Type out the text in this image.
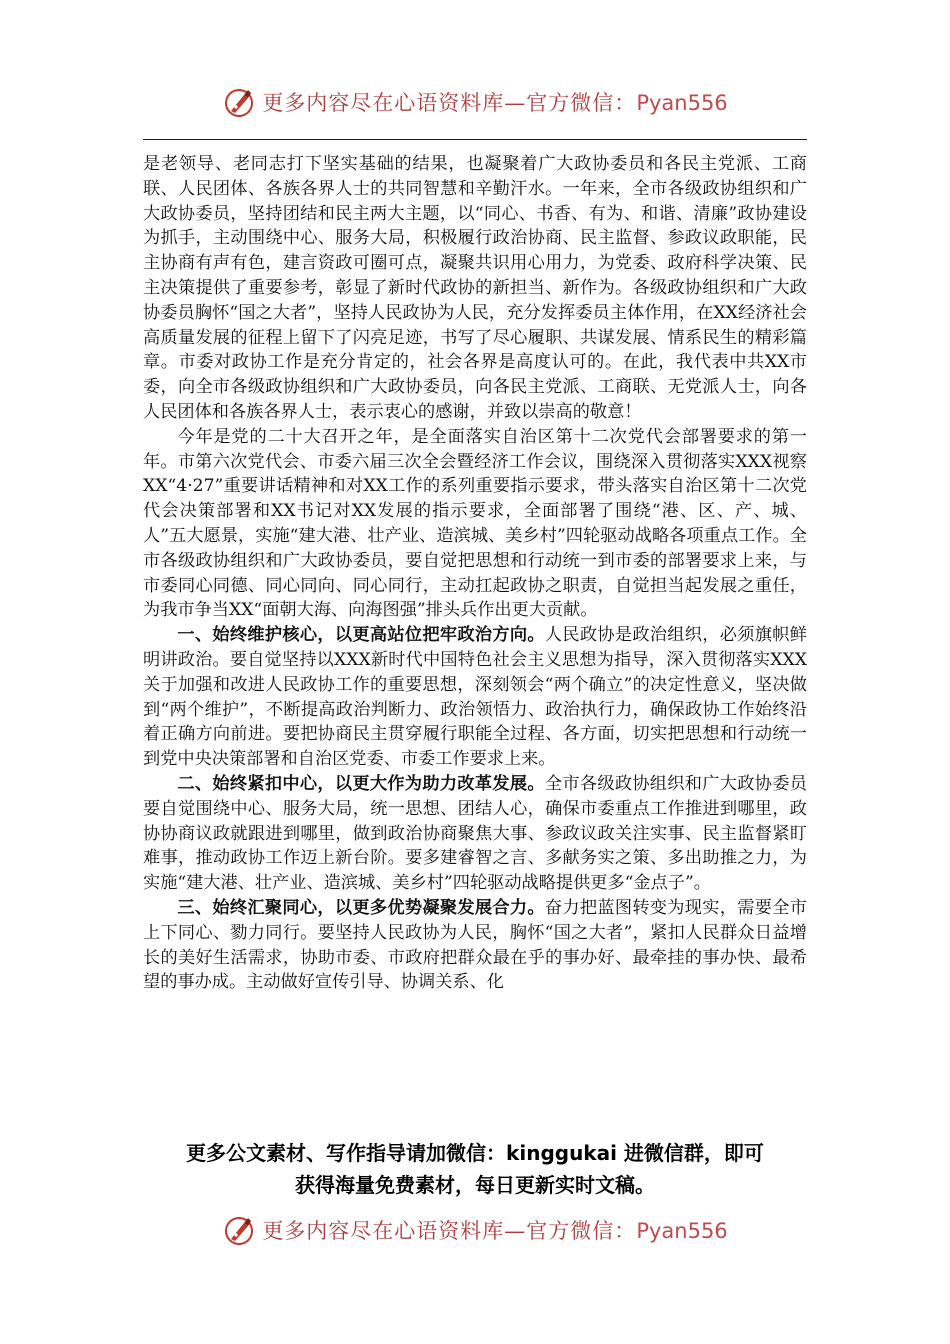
更多内容尽在心语资料库—官方微信：Pyan556

是老领导、老同志打下坚实基础的结果，也凝聚着广大政协委员和各民主党派、工商联、人民团体、各族各界人士的共同智慧和辛勤汗水。一年来，全市各级政协组织和广大政协委员，坚持团结和民主两大主题，以“同心、书香、有为、和谐、清廉”政协建设为抓手，主动围绕中心、服务大局，积极履行政治协商、民主监督、参政议政职能，民主协商有声有色，建言资政可圈可点，凝聚共识用心用力，为党委、政府科学决策、民主决策提供了重要参考，彰显了新时代政协的新担当、新作为。各级政协组织和广大政协委员胸怀“国之大者”，坚持人民政协为人民，充分发挥委员主体作用，在XX经济社会高质量发展的征程上留下了闪亮足迹，书写了尽心履职、共谋发展、情系民生的精彩篇章。市委对政协工作是充分肯定的，社会各界是高度认可的。在此，我代表中共XX市委，向全市各级政协组织和广大政协委员，向各民主党派、工商联、无党派人士，向各人民团体和各族各界人士，表示衷心的感谢，并致以崇高的敬意！

今年是党的二十大召开之年，是全面落实自治区第十二次党代会部署要求的第一年。市第六次党代会、市委六届三次全会暨经济工作会议，围绕深入贯彻落实XXX视察XX“4·27”重要讲话精神和对XX工作的系列重要指示要求，带头落实自治区第十二次党代会决策部署和XX书记对XX发展的指示要求，全面部署了围绕“港、区、产、城、人”五大愿景，实施“建大港、壮产业、造滨城、美乡村”四轮驱动战略各项重点工作。全市各级政协组织和广大政协委员，要自觉把思想和行动统一到市委的部署要求上来，与市委同心同德、同心同向、同心同行，主动扛起政协之职责，自觉担当起发展之重任，为我市争当XX“面朝大海、向海图强”排头兵作出更大贡献。

一、始终维护核心，以更高站位把牢政治方向。人民政协是政治组织，必须旗帜鲜明讲政治。要自觉坚持以XXX新时代中国特色社会主义思想为指导，深入贯彻落实XXX关于加强和改进人民政协工作的重要思想，深刻领会“两个确立”的决定性意义，坚决做到“两个维护”，不断提高政治判断力、政治领悟力、政治执行力，确保政协工作始终沿着正确方向前进。要把协商民主贯穿履行职能全过程、各方面，切实把思想和行动统一到党中央决策部署和自治区党委、市委工作要求上来。

二、始终紧扣中心，以更大作为助力改革发展。全市各级政协组织和广大政协委员要自觉围绕中心、服务大局，统一思想、团结人心，确保市委重点工作推进到哪里，政协协商议政就跟进到哪里，做到政治协商聚焦大事、参政议政关注实事、民主监督紧盯难事，推动政协工作迈上新台阶。要多建睿智之言、多献务实之策、多出助推之力，为实施“建大港、壮产业、造滨城、美乡村”四轮驱动战略提供更多“金点子”。

三、始终汇聚同心，以更多优势凝聚发展合力。奋力把蓝图转变为现实，需要全市上下同心、勠力同行。要坚持人民政协为人民，胸怀“国之大者”，紧扣人民群众日益增长的美好生活需求，协助市委、市政府把群众最在乎的事办好、最牵挂的事办快、最希望的事办成。主动做好宣传引导、协调关系、化

更多公文素材、写作指导请加微信：kinggukai 进微信群，即可
获得海量免费素材，每日更新实时文稿。
更多内容尽在心语资料库—官方微信：Pyan556
